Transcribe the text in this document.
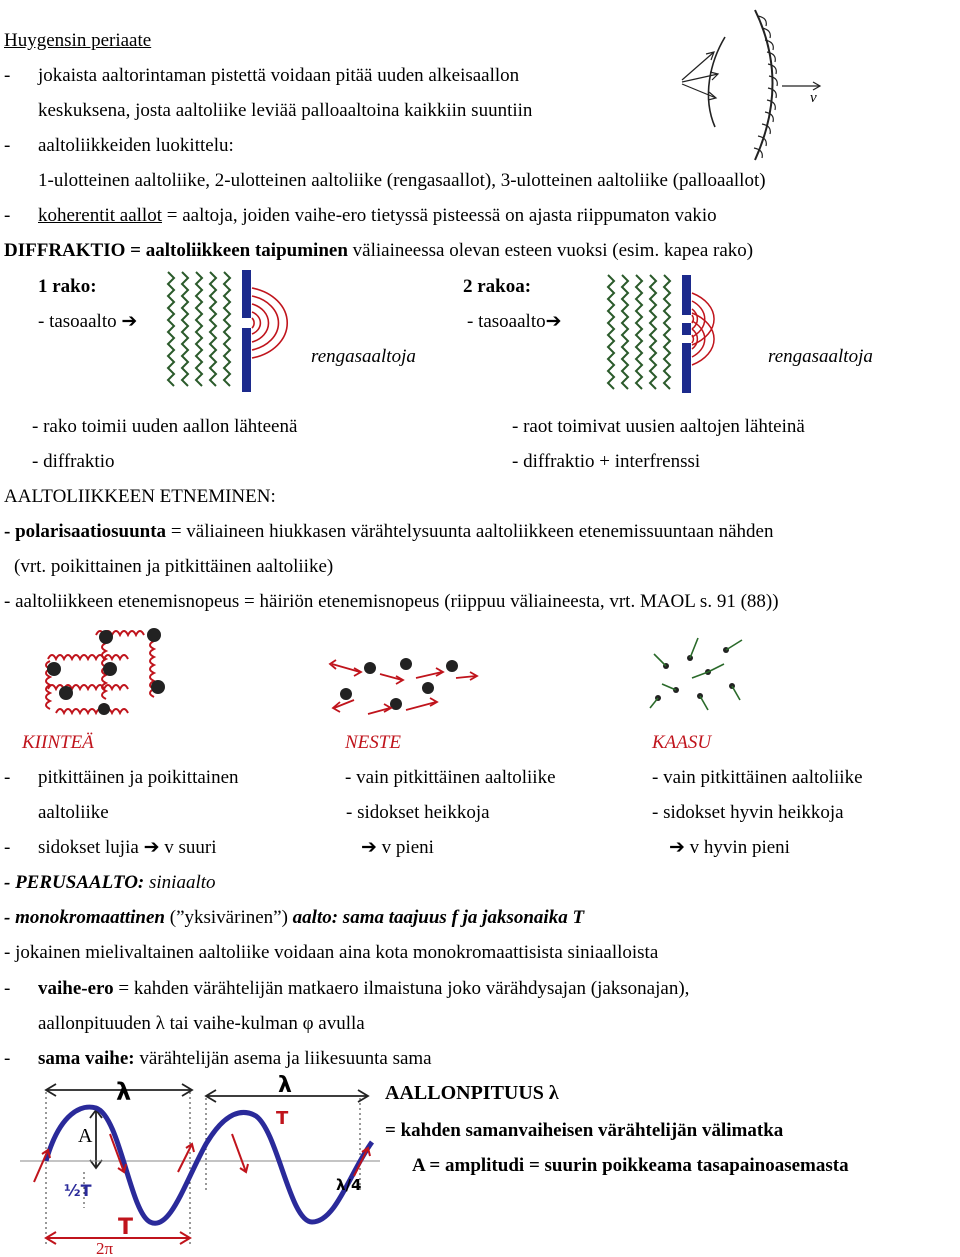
Huygensin periaate
- jokaista aaltorintaman pistettä voidaan pitää uuden alkeisaallon
keskuksena, josta aaltoliike leviää palloaaltoina kaikkiin suuntiin
- aaltoliikkeiden luokittelu:
1-ulotteinen aaltoliike, 2-ulotteinen aaltoliike (rengasaallot), 3-ulotteinen aaltoliike (palloaallot)
- koherentit aallot = aaltoja, joiden vaihe-ero tietyssä pisteessä on ajasta riippumaton vakio
v
DIFFRAKTIO = aaltoliikkeen taipuminen väliaineessa olevan esteen vuoksi (esim. kapea rako)
1 rako:	2 rakoa:
- tasoaalto ➔	- tasoaalto➔
rengasaaltoja	rengasaaltoja
- rako toimii uuden aallon lähteenä	- raot toimivat uusien aaltojen lähteinä
- diffraktio	- diffraktio + interfrenssi
AALTOLIIKKEEN ETNEMINEN:
- polarisaatiosuunta = väliaineen hiukkasen värähtelysuunta aaltoliikkeen etenemissuuntaan nähden
(vrt. poikittainen ja pitkittäinen aaltoliike)
- aaltoliikkeen etenemisnopeus = häiriön etenemisnopeus (riippuu väliaineesta, vrt. MAOL s. 91 (88))
KIINTEÄ	NESTE	KAASU
- pitkittäinen ja poikittainen	- vain pitkittäinen aaltoliike	- vain pitkittäinen aaltoliike
aaltoliike	- sidokset heikkoja	- sidokset hyvin heikkoja
- sidokset lujia ➔ v suuri	➔ v pieni	➔ v hyvin pieni
- PERUSAALTO: siniaalto
- monokromaattinen (”yksivärinen”) aalto: sama taajuus f ja jaksonaika T
- jokainen mielivaltainen aaltoliike voidaan aina kota monokromaattisista siniaalloista
- vaihe-ero = kahden värähtelijän matkaero ilmaistuna joko värähdysajan (jaksonajan),
aallonpituuden λ tai vaihe-kulman φ avulla
- sama vaihe: värähtelijän asema ja liikesuunta sama
AALLONPITUUS λ
= kahden samanvaiheisen värähtelijän välimatka
A = amplitudi = suurin poikkeama tasapainoasemasta
λ	λ
A
T
½T	λ/4
T
2π
